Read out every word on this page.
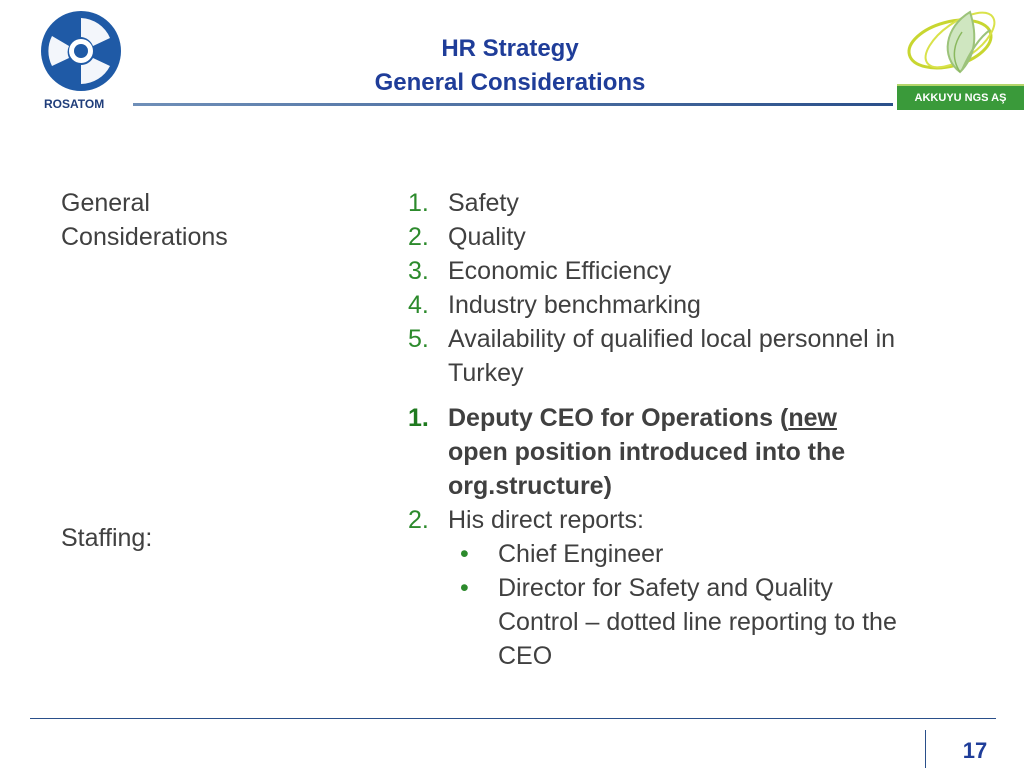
ROSATOM
HR Strategy
General Considerations
AKKUYU NGS AŞ
General
Considerations
1. Safety
2. Quality
3. Economic Efficiency
4. Industry benchmarking
5. Availability of qualified local personnel in
Turkey
Staffing:
1. Deputy CEO for Operations (new
open position introduced into the
org.structure)
2. His direct reports:
• Chief Engineer
• Director for Safety and Quality
Control – dotted line reporting to the
CEO
17
